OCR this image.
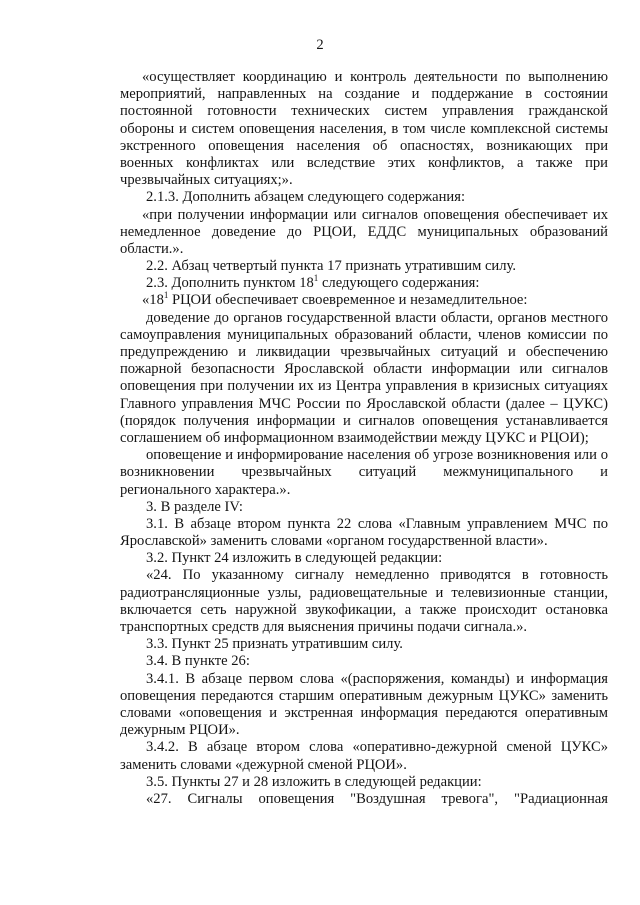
2

«осуществляет координацию и контроль деятельности по выполнению мероприятий, направленных на создание и поддержание в состоянии постоянной готовности технических систем управления гражданской обороны и систем оповещения населения, в том числе комплексной системы экстренного оповещения населения об опасностях, возникающих при военных конфликтах или вследствие этих конфликтов, а также при чрезвычайных ситуациях;».

2.1.3. Дополнить абзацем следующего содержания:

«при получении информации или сигналов оповещения обеспечивает их немедленное доведение до РЦОИ, ЕДДС муниципальных образований области.».

2.2. Абзац четвертый пункта 17 признать утратившим силу.

2.3. Дополнить пунктом $18^1$ следующего содержания:

«$18^1$ РЦОИ обеспечивает своевременное и незамедлительное:

доведение до органов государственной власти области, органов местного самоуправления муниципальных образований области, членов комиссии по предупреждению и ликвидации чрезвычайных ситуаций и обеспечению пожарной безопасности Ярославской области информации или сигналов оповещения при получении их из Центра управления в кризисных ситуациях Главного управления МЧС России по Ярославской области (далее – ЦУКС) (порядок получения информации и сигналов оповещения устанавливается соглашением об информационном взаимодействии между ЦУКС и РЦОИ);

оповещение и информирование населения об угрозе возникновения или о возникновении чрезвычайных ситуаций межмуниципального и регионального характера.».

3. В разделе IV:

3.1. В абзаце втором пункта 22 слова «Главным управлением МЧС по Ярославской» заменить словами «органом государственной власти».

3.2. Пункт 24 изложить в следующей редакции:

«24. По указанному сигналу немедленно приводятся в готовность радиотрансляционные узлы, радиовещательные и телевизионные станции, включается сеть наружной звукофикации, а также происходит остановка транспортных средств для выяснения причины подачи сигнала.».

3.3. Пункт 25 признать утратившим силу.

3.4. В пункте 26:

3.4.1. В абзаце первом слова «(распоряжения, команды) и информация оповещения передаются старшим оперативным дежурным ЦУКС» заменить словами «оповещения и экстренная информация передаются оперативным дежурным РЦОИ».

3.4.2. В абзаце втором слова «оперативно-дежурной сменой ЦУКС» заменить словами «дежурной сменой РЦОИ».

3.5. Пункты 27 и 28 изложить в следующей редакции:

«27. Сигналы оповещения "Воздушная тревога", "Радиационная
